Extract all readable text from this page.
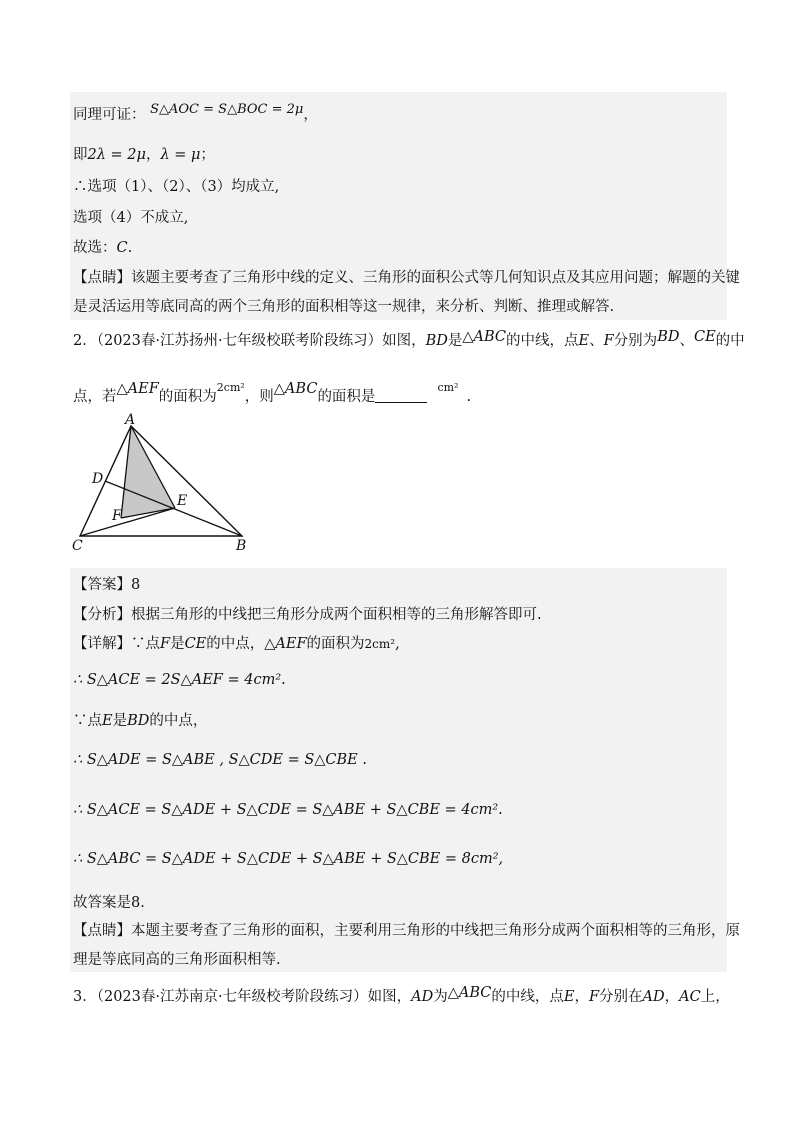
同理可证： S△AOC = S△BOC = 2μ，
即2λ = 2μ，λ = μ；
∴选项（1）、（2）、（3）均成立,
选项（4）不成立,
故选：C.
【点睛】该题主要考查了三角形中线的定义、三角形的面积公式等几何知识点及其应用问题；解题的关键
是灵活运用等底同高的两个三角形的面积相等这一规律，来分析、判断、推理或解答.
2．（2023春·江苏扬州·七年级校联考阶段练习）如图，BD是△ABC的中线，点E、F分别为BD、CE的中
点，若△AEF的面积为$^{2cm^2}$，则△ABC的面积是$^{cm^2}$.
A
D
E
F
C	B
【答案】8
【分析】根据三角形的中线把三角形分成两个面积相等的三角形解答即可.
【详解】∵点F是CE的中点，△AEF的面积为2cm²,
∴ S△ACE = 2S△AEF = 4cm².
∵点E是BD的中点，
∴ S△ADE = S△ABE , S△CDE = S△CBE .
∴ S△ACE = S△ADE + S△CDE = S△ABE + S△CBE = 4cm².
∴ S△ABC = S△ADE + S△CDE + S△ABE + S△CBE = 8cm²,
故答案是8.
【点睛】本题主要考查了三角形的面积，主要利用三角形的中线把三角形分成两个面积相等的三角形，原
理是等底同高的三角形面积相等.
3．（2023春·江苏南京·七年级校考阶段练习）如图，AD为△ABC的中线，点E，F分别在AD，AC上，
